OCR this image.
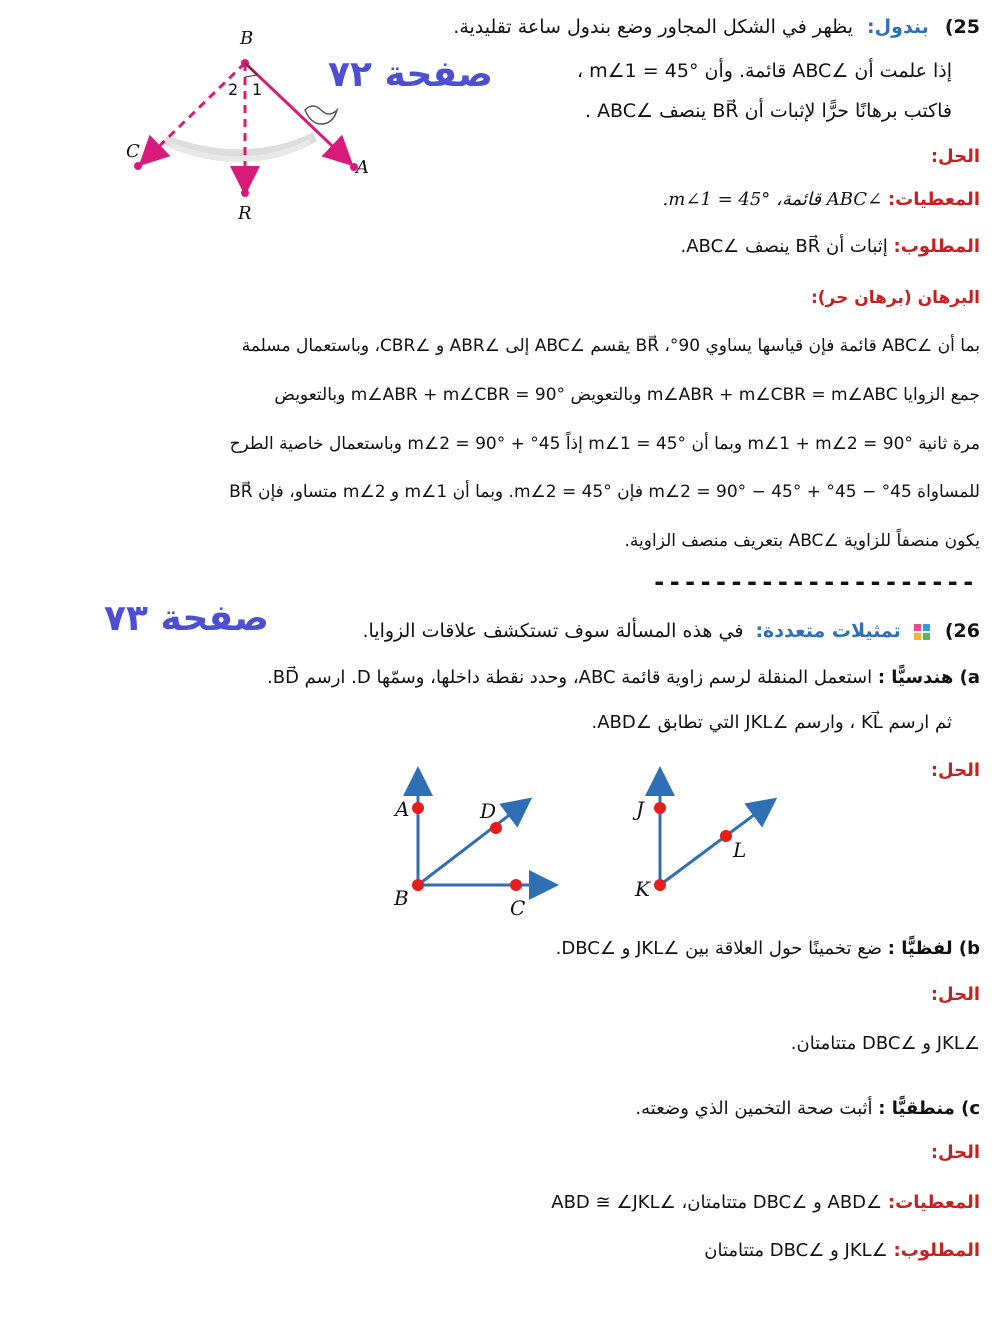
25) بندول: يظهر في الشكل المجاور وضع بندول ساعة تقليدية.
إذا علمت أن ∠ABC قائمة. وأن m∠1 = 45° ،
فاكتب برهانًا حرًّا لإثبات أن BR⃗ ينصف ∠ABC .
صفحة ٧٢
B
2 1
C
A
R
الحل:
المعطيات: ∠ABC قائمة، m∠1 = 45°.
المطلوب: إثبات أن BR⃗ ينصف ∠ABC.
البرهان (برهان حر):
بما أن ∠ABC قائمة فإن قياسها يساوي 90°، BR⃗ يقسم ∠ABC إلى ∠ABR و ∠CBR، وباستعمال مسلمة
جمع الزوايا m∠ABR + m∠CBR = m∠ABC وبالتعويض m∠ABR + m∠CBR = 90° وبالتعويض
مرة ثانية m∠1 + m∠2 = 90° وبما أن m∠1 = 45° إذاً 45° + m∠2 = 90° وباستعمال خاصية الطرح
للمساواة 45° − 45° + m∠2 = 90° − 45° فإن m∠2 = 45°. وبما أن m∠1 و m∠2 متساو، فإن BR⃗
يكون منصفاً للزاوية ∠ABC بتعريف منصف الزاوية.
---------------------
صفحة ٧٣	26)  تمثيلات متعددة: في هذه المسألة سوف تستكشف علاقات الزوايا.
a) هندسيًّا : استعمل المنقلة لرسم زاوية قائمة ABC، وحدد نقطة داخلها، وسمّها D. ارسم BD⃗.
ثم ارسم KL⃗ ، وارسم ∠JKL التي تطابق ∠ABD.
الحل:
A	D
B	C
J
K
L
b) لفظيًّا : ضع تخمينًا حول العلاقة بين ∠JKL و ∠DBC.
الحل:
∠JKL و ∠DBC متتامتان.
c) منطقيًّا : أثبت صحة التخمين الذي وضعته.
الحل:
المعطيات: ∠ABD و ∠DBC متتامتان، ∠ABD ≅ ∠JKL
المطلوب: ∠JKL و ∠DBC متتامتان
